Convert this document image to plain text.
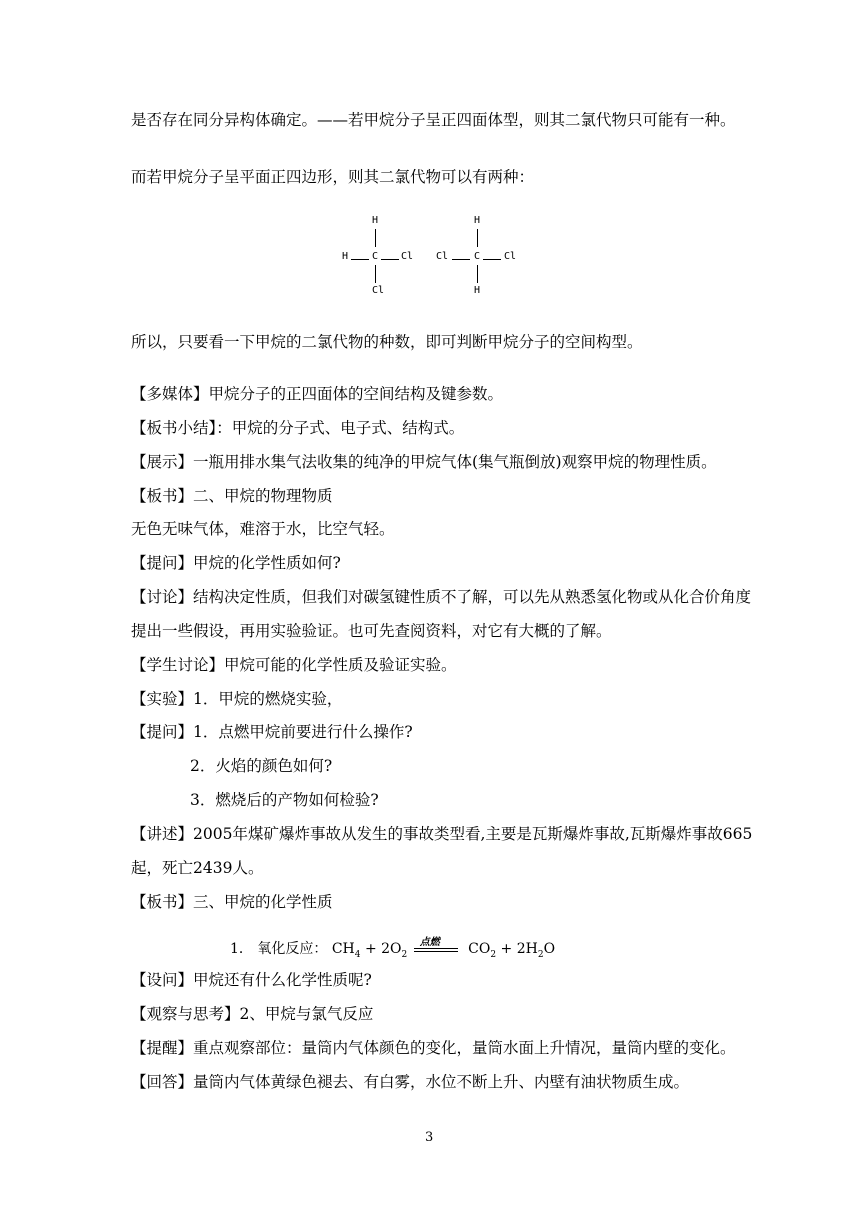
是否存在同分异构体确定。——若甲烷分子呈正四面体型，则其二氯代物只可能有一种。
而若甲烷分子呈平面正四边形，则其二氯代物可以有两种：
H
H C Cl
Cl
H
Cl	C Cl
H
所以，只要看一下甲烷的二氯代物的种数，即可判断甲烷分子的空间构型。
【多媒体】甲烷分子的正四面体的空间结构及键参数。
【板书小结】：甲烷的分子式、电子式、结构式。
【展示】一瓶用排水集气法收集的纯净的甲烷气体(集气瓶倒放)观察甲烷的物理性质。
【板书】二、甲烷的物理物质
无色无味气体，难溶于水，比空气轻。
【提问】甲烷的化学性质如何?
【讨论】结构决定性质，但我们对碳氢键性质不了解，可以先从熟悉氢化物或从化合价角度
提出一些假设，再用实验验证。也可先查阅资料，对它有大概的了解。
【学生讨论】甲烷可能的化学性质及验证实验。
【实验】1．甲烷的燃烧实验，
【提问】1．点燃甲烷前要进行什么操作?
2．火焰的颜色如何?
3．燃烧后的产物如何检验?
【讲述】2005年煤矿爆炸事故从发生的事故类型看,主要是瓦斯爆炸事故,瓦斯爆炸事故665
起，死亡2439人。
【板书】三、甲烷的化学性质
1． 氧化反应： $CH_4 + 2O_2$
点燃 $CO_2 + 2H_2O$
【设问】甲烷还有什么化学性质呢?
【观察与思考】2、甲烷与氯气反应
【提醒】重点观察部位：量筒内气体颜色的变化，量筒水面上升情况，量筒内壁的变化。
【回答】量筒内气体黄绿色褪去、有白雾，水位不断上升、内壁有油状物质生成。
3
